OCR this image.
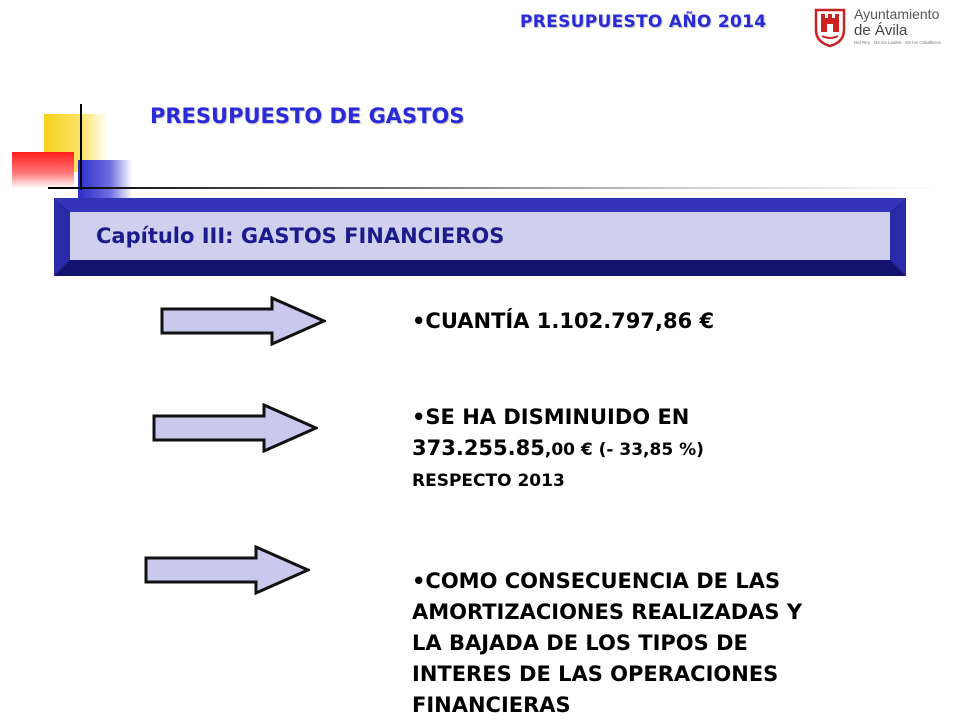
PRESUPUESTO AÑO 2014	Ayuntamiento
de Ávila
Del Rey · De los Leales · De los Caballeros
PRESUPUESTO DE GASTOS
Capítulo III: GASTOS FINANCIEROS
•CUANTÍA 1.102.797,86 €
•SE HA DISMINUIDO EN
373.255.85,00 € (- 33,85 %)
RESPECTO 2013
•COMO CONSECUENCIA DE LAS
AMORTIZACIONES REALIZADAS Y
LA BAJADA DE LOS TIPOS DE
INTERES DE LAS OPERACIONES
FINANCIERAS
